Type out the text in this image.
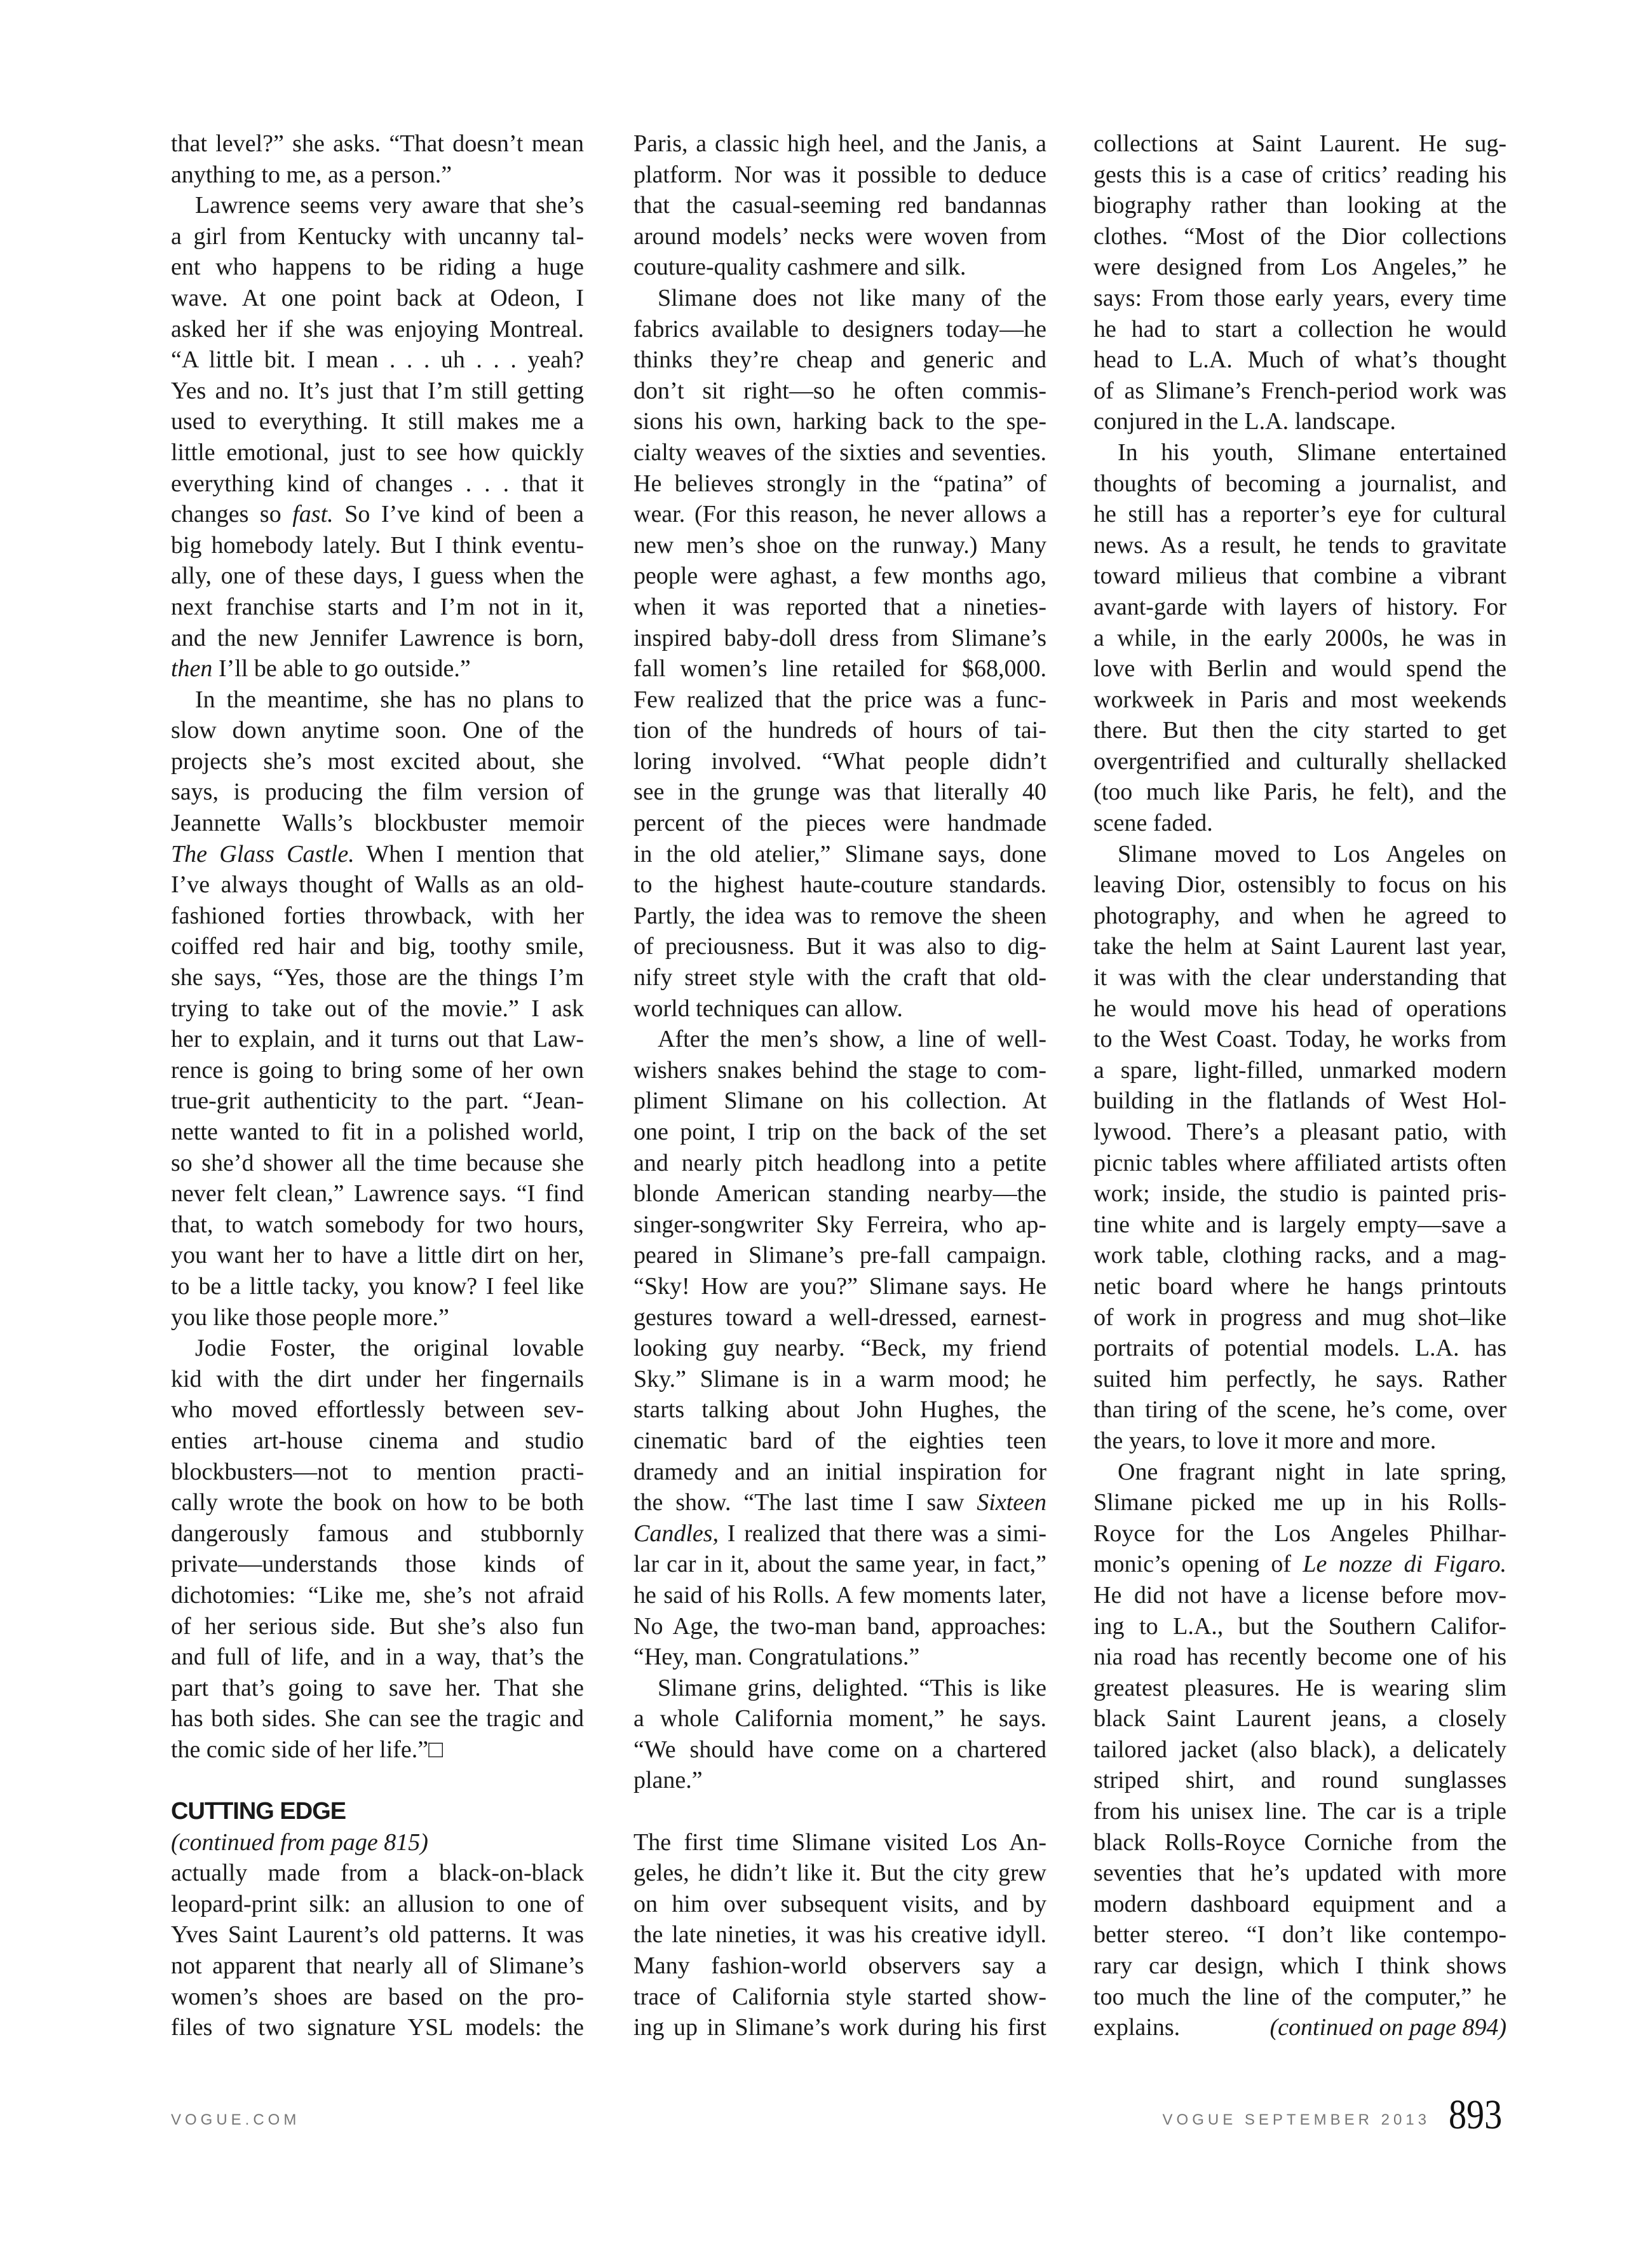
that level?” she asks. “That doesn’t mean
anything to me, as a person.”
Lawrence seems very aware that she’s
a girl from Kentucky with uncanny tal-
ent who happens to be riding a huge
wave. At one point back at Odeon, I
asked her if she was enjoying Montreal.
“A little bit. I mean . . . uh . . . yeah?
Yes and no. It’s just that I’m still getting
used to everything. It still makes me a
little emotional, just to see how quickly
everything kind of changes . . . that it
changes so fast. So I’ve kind of been a
big homebody lately. But I think eventu-
ally, one of these days, I guess when the
next franchise starts and I’m not in it,
and the new Jennifer Lawrence is born,
then I’ll be able to go outside.”
In the meantime, she has no plans to
slow down anytime soon. One of the
projects she’s most excited about, she
says, is producing the film version of
Jeannette Walls’s blockbuster memoir
The Glass Castle. When I mention that
I’ve always thought of Walls as an old-
fashioned forties throwback, with her
coiffed red hair and big, toothy smile,
she says, “Yes, those are the things I’m
trying to take out of the movie.” I ask
her to explain, and it turns out that Law-
rence is going to bring some of her own
true-grit authenticity to the part. “Jean-
nette wanted to fit in a polished world,
so she’d shower all the time because she
never felt clean,” Lawrence says. “I find
that, to watch somebody for two hours,
you want her to have a little dirt on her,
to be a little tacky, you know? I feel like
you like those people more.”
Jodie Foster, the original lovable
kid with the dirt under her fingernails
who moved effortlessly between sev-
enties art-house cinema and studio
blockbusters—not to mention practi-
cally wrote the book on how to be both
dangerously famous and stubbornly
private—understands those kinds of
dichotomies: “Like me, she’s not afraid
of her serious side. But she’s also fun
and full of life, and in a way, that’s the
part that’s going to save her. That she
has both sides. She can see the tragic and
the comic side of her life.”□
CUTTING EDGE
(continued from page 815)
actually made from a black-on-black
leopard-print silk: an allusion to one of
Yves Saint Laurent’s old patterns. It was
not apparent that nearly all of Slimane’s
women’s shoes are based on the pro-
files of two signature YSL models: the
Paris, a classic high heel, and the Janis, a
platform. Nor was it possible to deduce
that the casual-seeming red bandannas
around models’ necks were woven from
couture-quality cashmere and silk.
Slimane does not like many of the
fabrics available to designers today—he
thinks they’re cheap and generic and
don’t sit right—so he often commis-
sions his own, harking back to the spe-
cialty weaves of the sixties and seventies.
He believes strongly in the “patina” of
wear. (For this reason, he never allows a
new men’s shoe on the runway.) Many
people were aghast, a few months ago,
when it was reported that a nineties-
inspired baby-doll dress from Slimane’s
fall women’s line retailed for $68,000.
Few realized that the price was a func-
tion of the hundreds of hours of tai-
loring involved. “What people didn’t
see in the grunge was that literally 40
percent of the pieces were handmade
in the old atelier,” Slimane says, done
to the highest haute-couture standards.
Partly, the idea was to remove the sheen
of preciousness. But it was also to dig-
nify street style with the craft that old-
world techniques can allow.
After the men’s show, a line of well-
wishers snakes behind the stage to com-
pliment Slimane on his collection. At
one point, I trip on the back of the set
and nearly pitch headlong into a petite
blonde American standing nearby—the
singer-songwriter Sky Ferreira, who ap-
peared in Slimane’s pre-fall campaign.
“Sky! How are you?” Slimane says. He
gestures toward a well-dressed, earnest-
looking guy nearby. “Beck, my friend
Sky.” Slimane is in a warm mood; he
starts talking about John Hughes, the
cinematic bard of the eighties teen
dramedy and an initial inspiration for
the show. “The last time I saw Sixteen
Candles, I realized that there was a simi-
lar car in it, about the same year, in fact,”
he said of his Rolls. A few moments later,
No Age, the two-man band, approaches:
“Hey, man. Congratulations.”
Slimane grins, delighted. “This is like
a whole California moment,” he says.
“We should have come on a chartered
plane.”
The first time Slimane visited Los An-
geles, he didn’t like it. But the city grew
on him over subsequent visits, and by
the late nineties, it was his creative idyll.
Many fashion-world observers say a
trace of California style started show-
ing up in Slimane’s work during his first
collections at Saint Laurent. He sug-
gests this is a case of critics’ reading his
biography rather than looking at the
clothes. “Most of the Dior collections
were designed from Los Angeles,” he
says: From those early years, every time
he had to start a collection he would
head to L.A. Much of what’s thought
of as Slimane’s French-period work was
conjured in the L.A. landscape.
In his youth, Slimane entertained
thoughts of becoming a journalist, and
he still has a reporter’s eye for cultural
news. As a result, he tends to gravitate
toward milieus that combine a vibrant
avant-garde with layers of history. For
a while, in the early 2000s, he was in
love with Berlin and would spend the
workweek in Paris and most weekends
there. But then the city started to get
overgentrified and culturally shellacked
(too much like Paris, he felt), and the
scene faded.
Slimane moved to Los Angeles on
leaving Dior, ostensibly to focus on his
photography, and when he agreed to
take the helm at Saint Laurent last year,
it was with the clear understanding that
he would move his head of operations
to the West Coast. Today, he works from
a spare, light-filled, unmarked modern
building in the flatlands of West Hol-
lywood. There’s a pleasant patio, with
picnic tables where affiliated artists often
work; inside, the studio is painted pris-
tine white and is largely empty—save a
work table, clothing racks, and a mag-
netic board where he hangs printouts
of work in progress and mug shot–like
portraits of potential models. L.A. has
suited him perfectly, he says. Rather
than tiring of the scene, he’s come, over
the years, to love it more and more.
One fragrant night in late spring,
Slimane picked me up in his Rolls-
Royce for the Los Angeles Philhar-
monic’s opening of Le nozze di Figaro.
He did not have a license before mov-
ing to L.A., but the Southern Califor-
nia road has recently become one of his
greatest pleasures. He is wearing slim
black Saint Laurent jeans, a closely
tailored jacket (also black), a delicately
striped shirt, and round sunglasses
from his unisex line. The car is a triple
black Rolls-Royce Corniche from the
seventies that he’s updated with more
modern dashboard equipment and a
better stereo. “I don’t like contempo-
rary car design, which I think shows
too much the line of the computer,” he
explains.	(continued on page 894)
VOGUE.COM	VOGUE SEPTEMBER 2013 893
